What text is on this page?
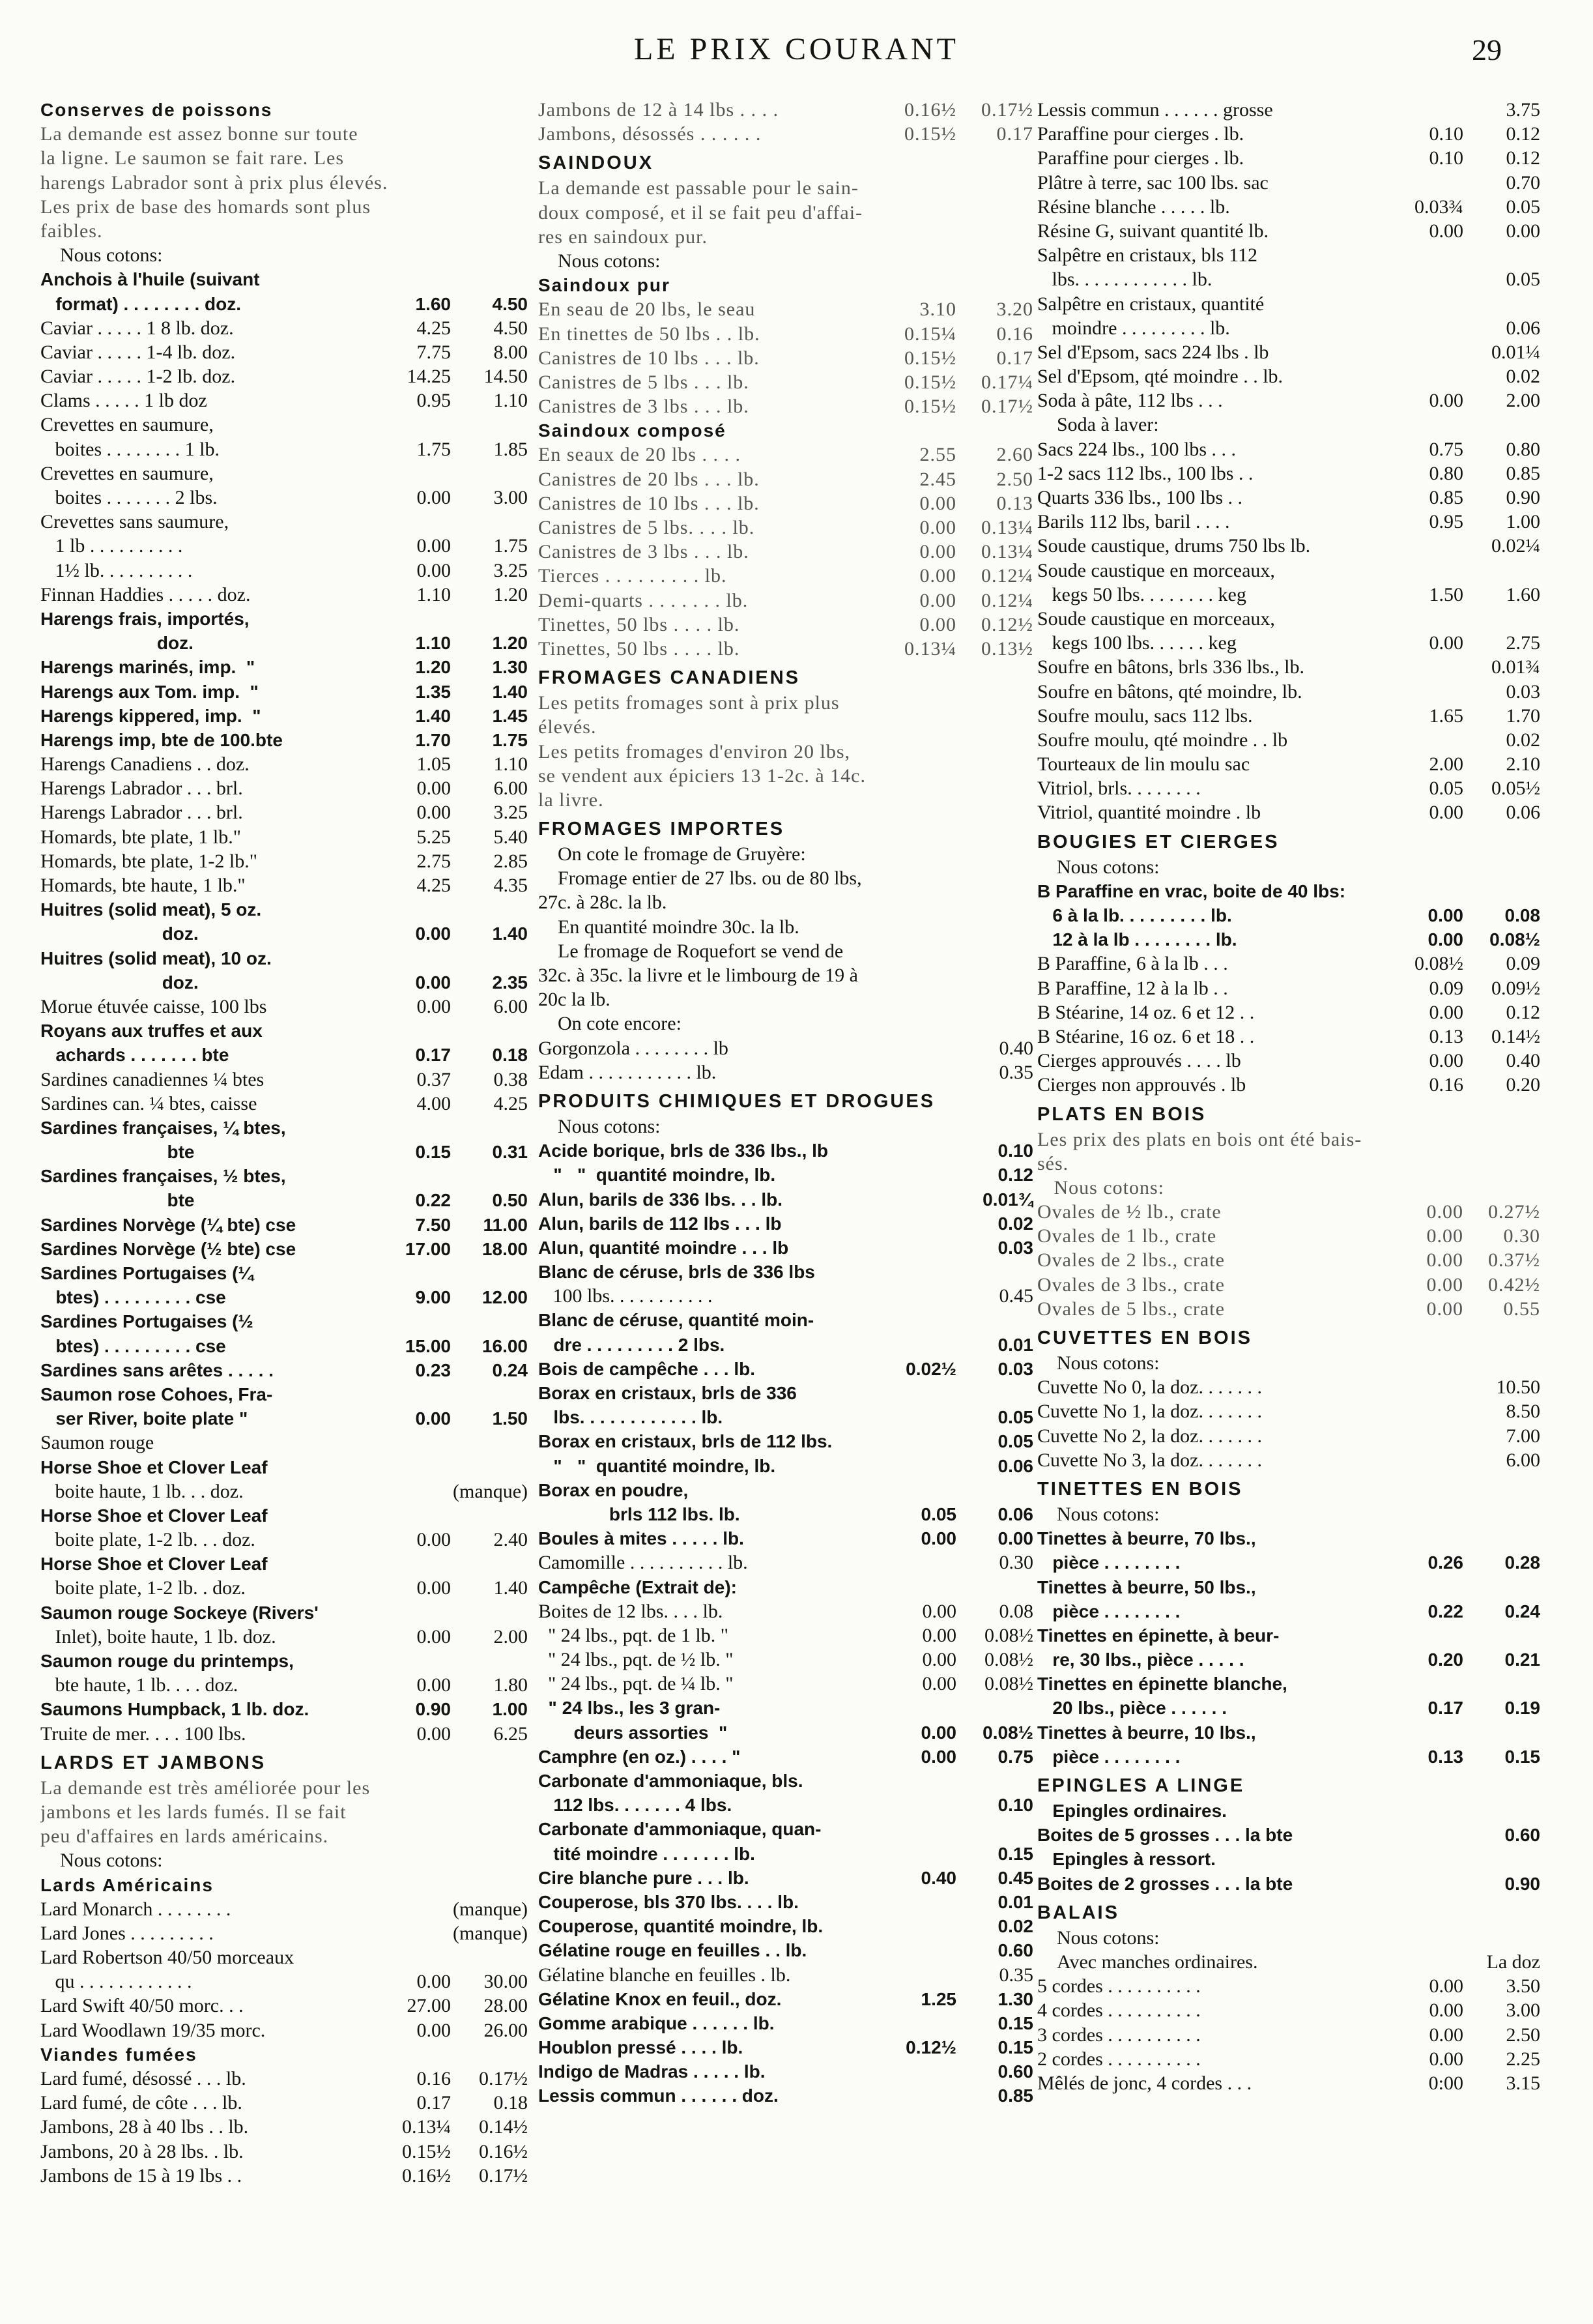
LE PRIX COURANT	29
Conserves de poissons
La demande est assez bonne sur toute
la ligne. Le saumon se fait rare. Les
harengs Labrador sont à prix plus élevés.
Les prix de base des homards sont plus
faibles.
Nous cotons:
Anchois à l'huile (suivant
format) . . . . . . . . doz.	1.60	4.50
Caviar . . . . . 1 8 lb. doz.	4.25	4.50
Caviar . . . . . 1-4 lb. doz.	7.75	8.00
Caviar . . . . . 1-2 lb. doz.	14.25	14.50
Clams . . . . . 1 lb doz	0.95	1.10
Crevettes en saumure,
boites . . . . . . . . 1 lb.	1.75	1.85
Crevettes en saumure,
boites . . . . . . . 2 lbs.	0.00	3.00
Crevettes sans saumure,
1 lb . . . . . . . . . .	0.00	1.75
1½ lb. . . . . . . . . .	0.00	3.25
Finnan Haddies . . . . . doz.	1.10	1.20
Harengs frais, importés,
doz.	1.10	1.20
Harengs marinés, imp.  "	1.20	1.30
Harengs aux Tom. imp.  "	1.35	1.40
Harengs kippered, imp.  "	1.40	1.45
Harengs imp, bte de 100.bte	1.70	1.75
Harengs Canadiens . . doz.	1.05	1.10
Harengs Labrador . . . brl.	0.00	6.00
Harengs Labrador . . . brl.	0.00	3.25
Homards, bte plate, 1 lb."	5.25	5.40
Homards, bte plate, 1-2 lb."	2.75	2.85
Homards, bte haute, 1 lb."	4.25	4.35
Huitres (solid meat), 5 oz.
doz.	0.00	1.40
Huitres (solid meat), 10 oz.
doz.	0.00	2.35
Morue étuvée caisse, 100 lbs	0.00	6.00
Royans aux truffes et aux
achards . . . . . . . bte	0.17	0.18
Sardines canadiennes ¼ btes	0.37	0.38
Sardines can. ¼ btes, caisse	4.00	4.25
Sardines françaises, ¼ btes,
bte	0.15	0.31
Sardines françaises, ½ btes,
bte	0.22	0.50
Sardines Norvège (¼ bte) cse	7.50	11.00
Sardines Norvège (½ bte) cse	17.00	18.00
Sardines Portugaises (¼
btes) . . . . . . . . . cse	9.00	12.00
Sardines Portugaises (½
btes) . . . . . . . . . cse	15.00	16.00
Sardines sans arêtes . . . . .	0.23	0.24
Saumon rose Cohoes, Fra-
ser River, boite plate "	0.00	1.50
Saumon rouge
Horse Shoe et Clover Leaf
boite haute, 1 lb. . . doz.	(manque)
Horse Shoe et Clover Leaf
boite plate, 1-2 lb. . . doz.	0.00	2.40
Horse Shoe et Clover Leaf
boite plate, 1-2 lb. . doz.	0.00	1.40
Saumon rouge Sockeye (Rivers'
Inlet), boite haute, 1 lb. doz.	0.00	2.00
Saumon rouge du printemps,
bte haute, 1 lb. . . . doz.	0.00	1.80
Saumons Humpback, 1 lb. doz.	0.90	1.00
Truite de mer. . . . 100 lbs.	0.00	6.25
LARDS ET JAMBONS
La demande est très améliorée pour les
jambons et les lards fumés. Il se fait
peu d'affaires en lards américains.
Nous cotons:
Lards Américains
Lard Monarch . . . . . . . .	(manque)
Lard Jones . . . . . . . . .	(manque)
Lard Robertson 40/50 morceaux
qu . . . . . . . . . . . .	0.00	30.00
Lard Swift 40/50 morc. . .	27.00	28.00
Lard Woodlawn 19/35 morc.	0.00	26.00
Viandes fumées
Lard fumé, désossé . . . lb.	0.16	0.17½
Lard fumé, de côte . . . lb.	0.17	0.18
Jambons, 28 à 40 lbs . . lb.	0.13¼	0.14½
Jambons, 20 à 28 lbs. . lb.	0.15½	0.16½
Jambons de 15 à 19 lbs . .	0.16½	0.17½
Jambons de 12 à 14 lbs . . . .	0.16½	0.17½
Jambons, désossés . . . . . .	0.15½	0.17
SAINDOUX
La demande est passable pour le sain-
doux composé, et il se fait peu d'affai-
res en saindoux pur.
Nous cotons:
Saindoux pur
En seau de 20 lbs, le seau	3.10	3.20
En tinettes de 50 lbs . . lb.	0.15¼	0.16
Canistres de 10 lbs . . . lb.	0.15½	0.17
Canistres de 5 lbs . . . lb.	0.15½	0.17¼
Canistres de 3 lbs . . . lb.	0.15½	0.17½
Saindoux composé
En seaux de 20 lbs . . . .	2.55	2.60
Canistres de 20 lbs . . . lb.	2.45	2.50
Canistres de 10 lbs . . . lb.	0.00	0.13
Canistres de 5 lbs. . . . lb.	0.00	0.13¼
Canistres de 3 lbs . . . lb.	0.00	0.13¼
Tierces . . . . . . . . . lb.	0.00	0.12¼
Demi-quarts . . . . . . . lb.	0.00	0.12¼
Tinettes, 50 lbs . . . . lb.	0.00	0.12½
Tinettes, 50 lbs . . . . lb.	0.13¼	0.13½
FROMAGES CANADIENS
Les petits fromages sont à prix plus
élevés.
Les petits fromages d'environ 20 lbs,
se vendent aux épiciers 13 1-2c. à 14c.
la livre.
FROMAGES IMPORTES
On cote le fromage de Gruyère:
Fromage entier de 27 lbs. ou de 80 lbs,
27c. à 28c. la lb.
En quantité moindre 30c. la lb.
Le fromage de Roquefort se vend de
32c. à 35c. la livre et le limbourg de 19 à
20c la lb.
On cote encore:
Gorgonzola . . . . . . . . lb	0.40
Edam . . . . . . . . . . . lb.	0.35
PRODUITS CHIMIQUES ET DROGUES
Nous cotons:
Acide borique, brls de 336 lbs., lb	0.10
"   "  quantité moindre, lb.	0.12
Alun, barils de 336 lbs. . . lb.	0.01¾
Alun, barils de 112 lbs . . . lb	0.02
Alun, quantité moindre . . . lb	0.03
Blanc de céruse, brls de 336 lbs
100 lbs. . . . . . . . . . .	0.45
Blanc de céruse, quantité moin-
dre . . . . . . . . . 2 lbs.	0.01
Bois de campêche . . . lb.	0.02½	0.03
Borax en cristaux, brls de 336
lbs. . . . . . . . . . . . lb.	0.05
Borax en cristaux, brls de 112 lbs.	0.05
"   "  quantité moindre, lb.	0.06
Borax en poudre,
brls 112 lbs. lb.	0.05	0.06
Boules à mites . . . . . lb.	0.00	0.00
Camomille . . . . . . . . . . lb.	0.30
Campêche (Extrait de):
Boites de 12 lbs. . . . lb.	0.00	0.08
" 24 lbs., pqt. de 1 lb. "	0.00	0.08½
" 24 lbs., pqt. de ½ lb. "	0.00	0.08½
" 24 lbs., pqt. de ¼ lb. "	0.00	0.08½
" 24 lbs., les 3 gran-
deurs assorties  "	0.00	0.08½
Camphre (en oz.) . . . . "	0.00	0.75
Carbonate d'ammoniaque, bls.
112 lbs. . . . . . . 4 lbs.	0.10
Carbonate d'ammoniaque, quan-
tité moindre . . . . . . . lb.	0.15
Cire blanche pure . . . lb.	0.40	0.45
Couperose, bls 370 lbs. . . . lb.	0.01
Couperose, quantité moindre, lb.	0.02
Gélatine rouge en feuilles . . lb.	0.60
Gélatine blanche en feuilles . lb.	0.35
Gélatine Knox en feuil., doz.	1.25	1.30
Gomme arabique . . . . . . lb.	0.15
Houblon pressé . . . . lb.	0.12½	0.15
Indigo de Madras . . . . . lb.	0.60
Lessis commun . . . . . . doz.	0.85
Lessis commun . . . . . . grosse	3.75
Paraffine pour cierges . lb.	0.10	0.12
Paraffine pour cierges . lb.	0.10	0.12
Plâtre à terre, sac 100 lbs. sac	0.70
Résine blanche . . . . . lb.	0.03¾	0.05
Résine G, suivant quantité lb.	0.00	0.00
Salpêtre en cristaux, bls 112
lbs. . . . . . . . . . . . lb.	0.05
Salpêtre en cristaux, quantité
moindre . . . . . . . . . lb.	0.06
Sel d'Epsom, sacs 224 lbs . lb	0.01¼
Sel d'Epsom, qté moindre . . lb.	0.02
Soda à pâte, 112 lbs . . .	0.00	2.00
Soda à laver:
Sacs 224 lbs., 100 lbs . . .	0.75	0.80
1-2 sacs 112 lbs., 100 lbs . .	0.80	0.85
Quarts 336 lbs., 100 lbs . .	0.85	0.90
Barils 112 lbs, baril . . . .	0.95	1.00
Soude caustique, drums 750 lbs lb.	0.02¼
Soude caustique en morceaux,
kegs 50 lbs. . . . . . . . keg	1.50	1.60
Soude caustique en morceaux,
kegs 100 lbs. . . . . . keg	0.00	2.75
Soufre en bâtons, brls 336 lbs., lb.	0.01¾
Soufre en bâtons, qté moindre, lb.	0.03
Soufre moulu, sacs 112 lbs.	1.65	1.70
Soufre moulu, qté moindre . . lb	0.02
Tourteaux de lin moulu sac	2.00	2.10
Vitriol, brls. . . . . . . .	0.05	0.05½
Vitriol, quantité moindre . lb	0.00	0.06
BOUGIES ET CIERGES
Nous cotons:
B Paraffine en vrac, boite de 40 lbs:
6 à la lb. . . . . . . . . lb.	0.00	0.08
12 à la lb . . . . . . . . lb.	0.00	0.08½
B Paraffine, 6 à la lb . . .	0.08½	0.09
B Paraffine, 12 à la lb . .	0.09	0.09½
B Stéarine, 14 oz. 6 et 12 . .	0.00	0.12
B Stéarine, 16 oz. 6 et 18 . .	0.13	0.14½
Cierges approuvés . . . . lb	0.00	0.40
Cierges non approuvés . lb	0.16	0.20
PLATS EN BOIS
Les prix des plats en bois ont été bais-
sés.
Nous cotons:
Ovales de ½ lb., crate	0.00	0.27½
Ovales de 1 lb., crate	0.00	0.30
Ovales de 2 lbs., crate	0.00	0.37½
Ovales de 3 lbs., crate	0.00	0.42½
Ovales de 5 lbs., crate	0.00	0.55
CUVETTES EN BOIS
Nous cotons:
Cuvette No 0, la doz. . . . . . .	10.50
Cuvette No 1, la doz. . . . . . .	8.50
Cuvette No 2, la doz. . . . . . .	7.00
Cuvette No 3, la doz. . . . . . .	6.00
TINETTES EN BOIS
Nous cotons:
Tinettes à beurre, 70 lbs.,
pièce . . . . . . . .	0.26	0.28
Tinettes à beurre, 50 lbs.,
pièce . . . . . . . .	0.22	0.24
Tinettes en épinette, à beur-
re, 30 lbs., pièce . . . . .	0.20	0.21
Tinettes en épinette blanche,
20 lbs., pièce . . . . . .	0.17	0.19
Tinettes à beurre, 10 lbs.,
pièce . . . . . . . .	0.13	0.15
EPINGLES A LINGE
Epingles ordinaires.
Boites de 5 grosses . . . la bte	0.60
Epingles à ressort.
Boites de 2 grosses . . . la bte	0.90
BALAIS
Nous cotons:
Avec manches ordinaires.	La doz
5 cordes . . . . . . . . . .	0.00	3.50
4 cordes . . . . . . . . . .	0.00	3.00
3 cordes . . . . . . . . . .	0.00	2.50
2 cordes . . . . . . . . . .	0.00	2.25
Mêlés de jonc, 4 cordes . . .	0:00	3.15
